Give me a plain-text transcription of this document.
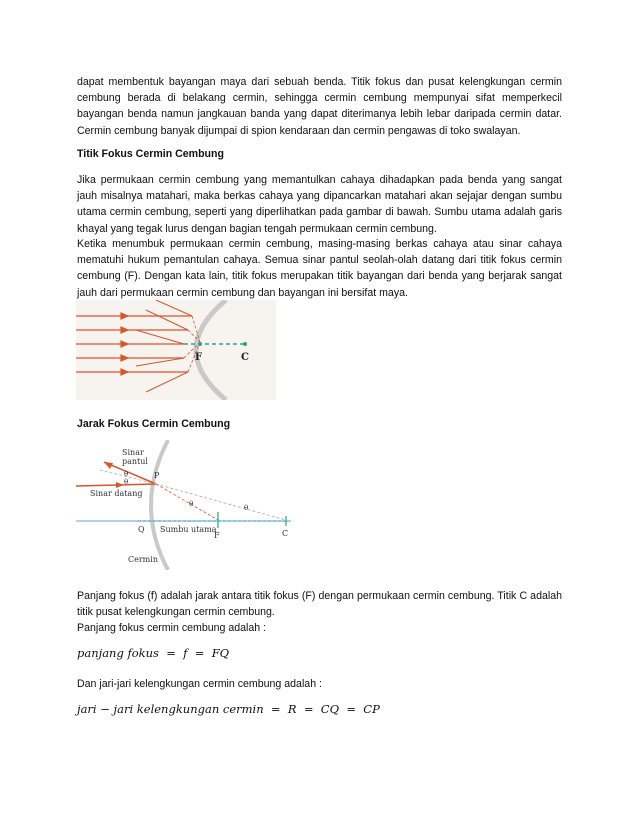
dapat membentuk bayangan maya dari sebuah benda. Titik fokus dan pusat kelengkungan cermin cembung berada di belakang cermin, sehingga cermin cembung mempunyai sifat memperkecil bayangan benda namun jangkauan banda yang dapat diterimanya lebih lebar daripada cermin datar. Cermin cembung banyak dijumpai di spion kendaraan dan cermin pengawas di toko swalayan.

Titik Fokus Cermin Cembung

Jika permukaan cermin cembung yang memantulkan cahaya dihadapkan pada benda yang sangat jauh misalnya matahari, maka berkas cahaya yang dipancarkan matahari akan sejajar dengan sumbu utama cermin cembung, seperti yang diperlihatkan pada gambar di bawah. Sumbu utama adalah garis khayal yang tegak lurus dengan bagian tengah permukaan cermin cembung.

Ketika menumbuk permukaan cermin cembung, masing-masing berkas cahaya atau sinar cahaya mematuhi hukum pemantulan cahaya. Semua sinar pantul seolah-olah datang dari titik fokus cermin cembung (F). Dengan kata lain, titik fokus merupakan titik bayangan dari benda yang berjarak sangat jauh dari permukaan cermin cembung dan bayangan ini bersifat maya.

F	C

Jarak Fokus Cermin Cembung

Sinar
pantul
θ
θ
Sinar datang
P
θ	θ
Q Sumbu utama
F	C
Cermin

Panjang fokus (f) adalah jarak antara titik fokus (F) dengan permukaan cermin cembung. Titik C adalah titik pusat kelengkungan cermin cembung.

Panjang fokus cermin cembung adalah :

panjang fokus  =  f  =  FQ

Dan jari-jari kelengkungan cermin cembung adalah :

jari − jari kelengkungan cermin  =  R  =  CQ  =  CP
